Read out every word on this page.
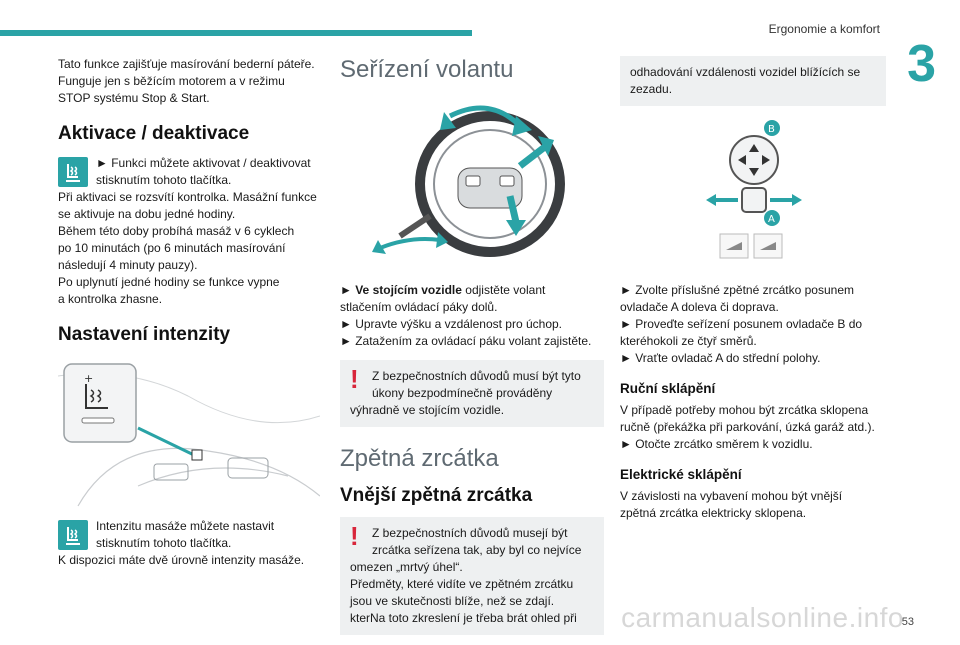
Ergonomie a komfort
3

Tato funkce zajišťuje masírování bederní páteře.

Funguje jen s běžícím motorem a v režimu

STOP systému Stop & Start.

Aktivace / deaktivace

► Funkci můžete aktivovat / deaktivovat

stisknutím tohoto tlačítka.

Při aktivaci se rozsvítí kontrolka. Masážní funkce

se aktivuje na dobu jedné hodiny.

Během této doby probíhá masáž v 6 cyklech

po 10 minutách (po 6 minutách masírování

následují 4 minuty pauzy).

Po uplynutí jedné hodiny se funkce vypne

a kontrolka zhasne.

Nastavení intenzity
+

Intenzitu masáže můžete nastavit

stisknutím tohoto tlačítka.

K dispozici máte dvě úrovně intenzity masáže.

Seřízení volantu

► Ve stojícím vozidle odjistěte volant

stlačením ovládací páky dolů.

► Upravte výšku a vzdálenost pro úchop.

► Zatažením za ovládací páku volant zajistěte.

! Z bezpečnostních důvodů musí být tyto

úkony bezpodmínečně prováděny

výhradně ve stojícím vozidle.

Zpětná zrcátka
Vnější zpětná zrcátka
! Z bezpečnostních důvodů musejí být

zrcátka seřízena tak, aby byl co nejvíce

omezen „mrtvý úhel“.

Předměty, které vidíte ve zpětném zrcátku

jsou ve skutečnosti blíže, než se zdají.

kterNa toto zkreslení je třeba brát ohled při

odhadování vzdálenosti vozidel blížících se

zezadu.

B
A

► Zvolte příslušné zpětné zrcátko posunem

ovladače A doleva či doprava.

► Proveďte seřízení posunem ovladače B do

kteréhokoli ze čtyř směrů.

► Vraťte ovladač A do střední polohy.

Ruční sklápění

V případě potřeby mohou být zrcátka sklopena

ručně (překážka při parkování, úzká garáž atd.).

► Otočte zrcátko směrem k vozidlu.

Elektrické sklápění

V závislosti na vybavení mohou být vnější

zpětná zrcátka elektricky sklopena.

carmanualsonline.info
53
